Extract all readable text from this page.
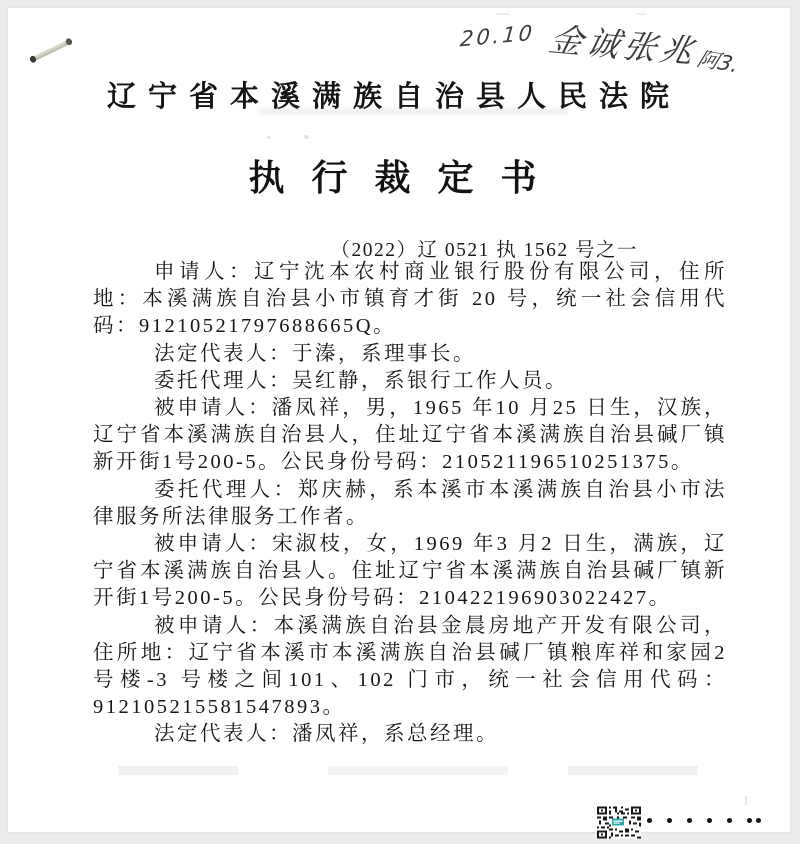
20.10 金诚张兆
阿3.
辽宁省本溪满族自治县人民法院
执行裁定书
（2022）辽 0521 执 1562 号之一

申请人：辽宁沈本农村商业银行股份有限公司，住所地：本溪满族自治县小市镇育才街 20 号，统一社会信用代码：91210521797688665Q。

法定代表人：于溱，系理事长。

委托代理人：吴红静，系银行工作人员。

被申请人：潘凤祥，男，1965 年10 月25 日生，汉族，辽宁省本溪满族自治县人，住址辽宁省本溪满族自治县碱厂镇新开街1号200-5。公民身份号码：210521196510251375。

委托代理人：郑庆赫，系本溪市本溪满族自治县小市法律服务所法律服务工作者。

被申请人：宋淑枝，女，1969 年3 月2 日生，满族，辽宁省本溪满族自治县人。住址辽宁省本溪满族自治县碱厂镇新开街1号200-5。公民身份号码：210422196903022427。

被申请人：本溪满族自治县金晨房地产开发有限公司，住所地：辽宁省本溪市本溪满族自治县碱厂镇粮库祥和家园2 号楼-3 号楼之间101、102 门市，统一社会信用代码：912105215581547893。

法定代表人：潘凤祥，系总经理。
